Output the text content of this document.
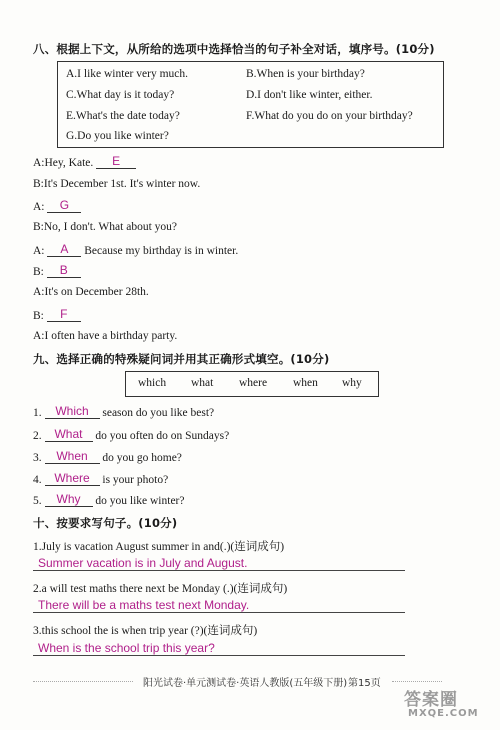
八、根据上下文，从所给的选项中选择恰当的句子补全对话，填序号。(10分)
A.I like winter very much.	B.When is your birthday?
C.What day is it today?	D.I don't like winter, either.
E.What's the date today?	F.What do you do on your birthday?
G.Do you like winter?
A:Hey, Kate. E
B:It's December 1st. It's winter now.
A: G
B:No, I don't. What about you?
A: A Because my birthday is in winter.
B: B
A:It's on December 28th.
B: F
A:I often have a birthday party.
九、选择正确的特殊疑问词并用其正确形式填空。(10分)
which what where when why
1. Which season do you like best?
2. What do you often do on Sundays?
3. When do you go home?
4. Where is your photo?
5. Why do you like winter?
十、按要求写句子。(10分)
1.July is vacation August summer in and(.)(连词成句)
Summer vacation is in July and August.
2.a will test maths there next be Monday (.)(连词成句)
There will be a maths test next Monday.
3.this school the is when trip year (?)(连词成句)
When is the school trip this year?
阳光试卷·单元测试卷·英语人教版(五年级下册) 第15页
答案圈
MXQE.COM
